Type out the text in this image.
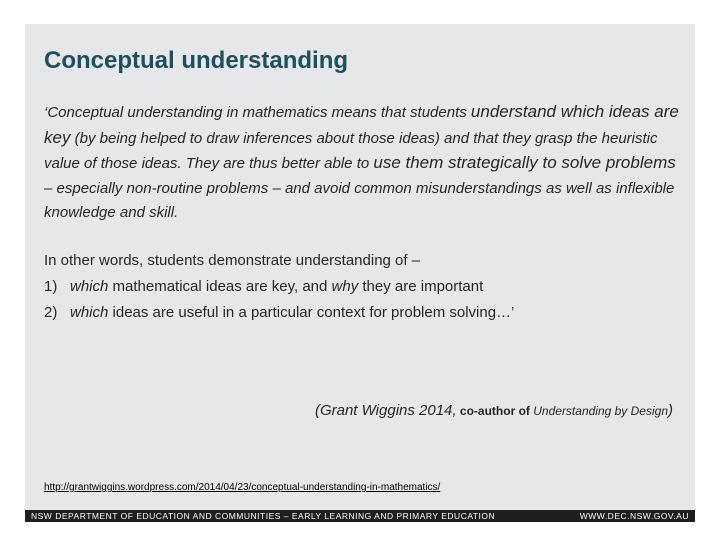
Conceptual understanding

‘Conceptual understanding in mathematics means that students understand which ideas are key (by being helped to draw inferences about those ideas) and that they grasp the heuristic value of those ideas. They are thus better able to use them strategically to solve problems – especially non-routine problems – and avoid common misunderstandings as well as inflexible knowledge and skill.

In other words, students demonstrate understanding of –

1) which mathematical ideas are key, and why they are important

2) which ideas are useful in a particular context for problem solving…’

(Grant Wiggins 2014, co-author of Understanding by Design)

http://grantwiggins.wordpress.com/2014/04/23/conceptual-understanding-in-mathematics/
NSW DEPARTMENT OF EDUCATION AND COMMUNITIES – EARLY LEARNING AND PRIMARY EDUCATION	WWW.DEC.NSW.GOV.AU
